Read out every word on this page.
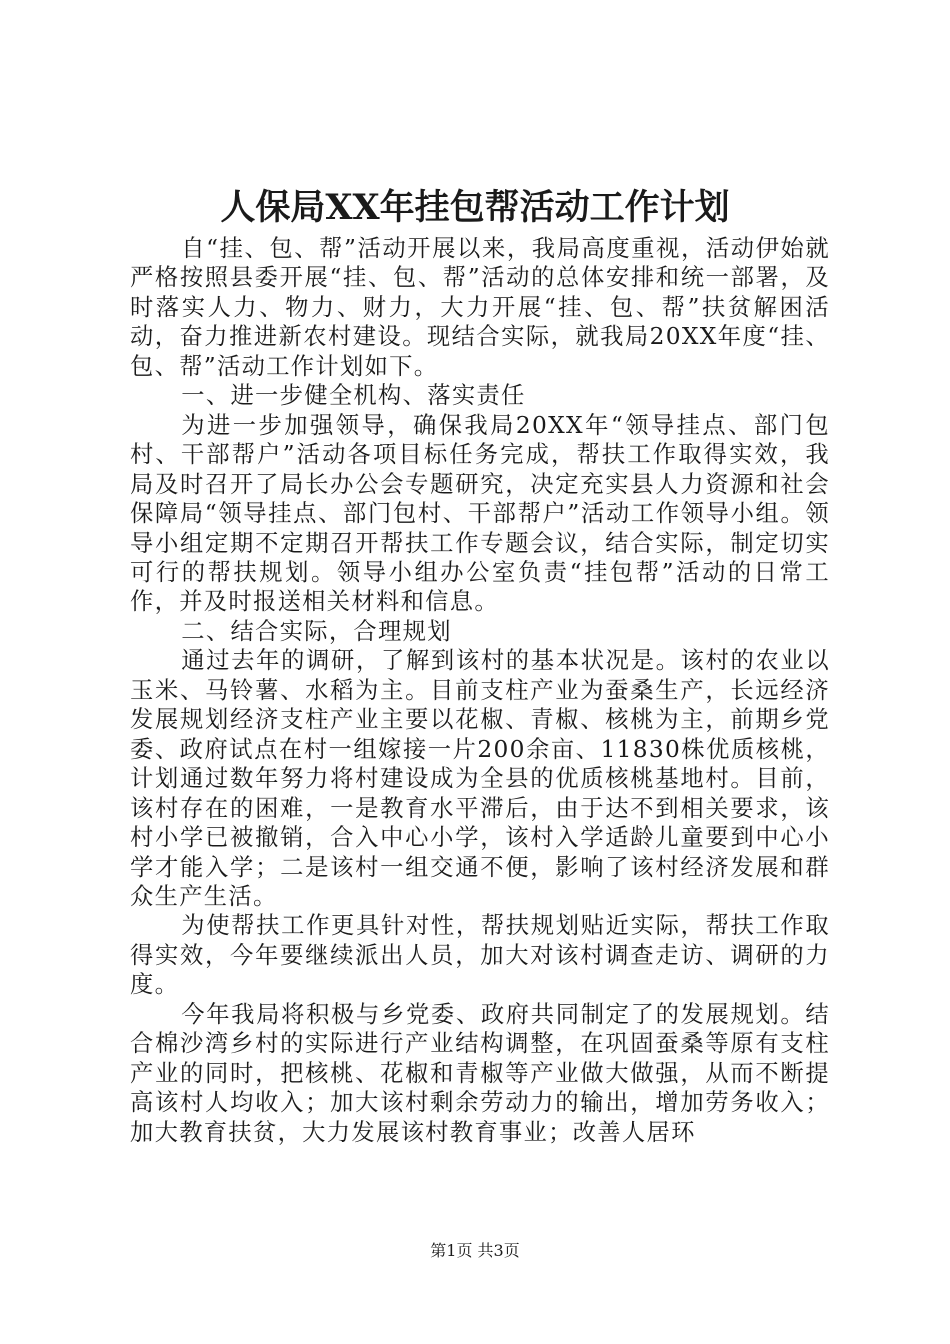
人保局XX年挂包帮活动工作计划

自“挂、包、帮”活动开展以来，我局高度重视，活动伊始就严格按照县委开展“挂、包、帮”活动的总体安排和统一部署，及时落实人力、物力、财力，大力开展“挂、包、帮”扶贫解困活动，奋力推进新农村建设。现结合实际，就我局20XX年度“挂、包、帮”活动工作计划如下。

一、进一步健全机构、落实责任

为进一步加强领导，确保我局20XX年“领导挂点、部门包村、干部帮户”活动各项目标任务完成，帮扶工作取得实效，我局及时召开了局长办公会专题研究，决定充实县人力资源和社会保障局“领导挂点、部门包村、干部帮户”活动工作领导小组。领导小组定期不定期召开帮扶工作专题会议，结合实际，制定切实可行的帮扶规划。领导小组办公室负责“挂包帮”活动的日常工作，并及时报送相关材料和信息。

二、结合实际，合理规划

通过去年的调研，了解到该村的基本状况是。该村的农业以玉米、马铃薯、水稻为主。目前支柱产业为蚕桑生产，长远经济发展规划经济支柱产业主要以花椒、青椒、核桃为主，前期乡党委、政府试点在村一组嫁接一片200余亩、11830株优质核桃，计划通过数年努力将村建设成为全县的优质核桃基地村。目前，该村存在的困难，一是教育水平滞后，由于达不到相关要求，该村小学已被撤销，合入中心小学，该村入学适龄儿童要到中心小学才能入学；二是该村一组交通不便，影响了该村经济发展和群众生产生活。

为使帮扶工作更具针对性，帮扶规划贴近实际，帮扶工作取得实效，今年要继续派出人员，加大对该村调查走访、调研的力度。

今年我局将积极与乡党委、政府共同制定了的发展规划。结合棉沙湾乡村的实际进行产业结构调整，在巩固蚕桑等原有支柱产业的同时，把核桃、花椒和青椒等产业做大做强，从而不断提高该村人均收入；加大该村剩余劳动力的输出，增加劳务收入；加大教育扶贫，大力发展该村教育事业；改善人居环

第1页 共3页
